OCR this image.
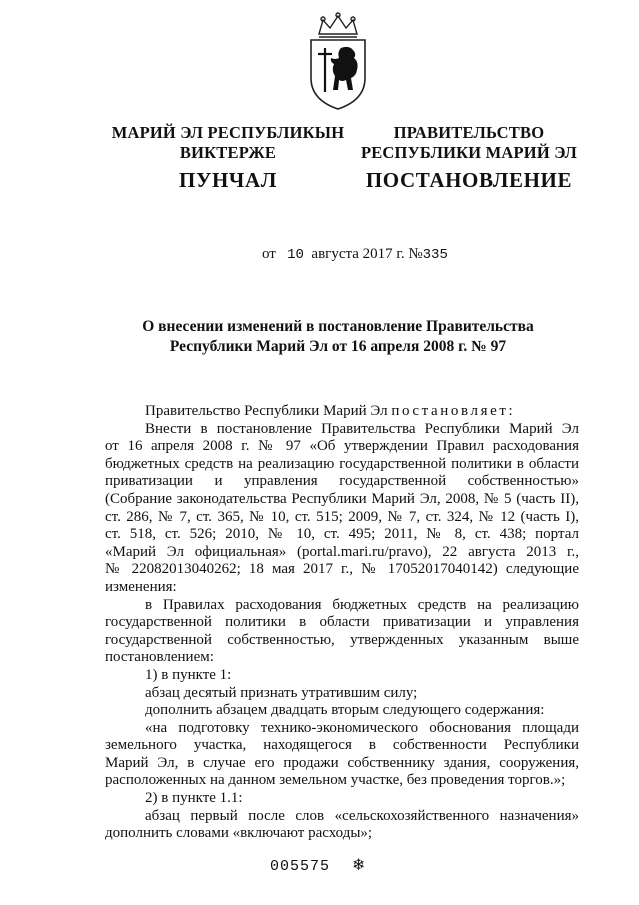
МАРИЙ ЭЛ РЕСПУБЛИКЫН
ВИКТЕРЖЕ
ПРАВИТЕЛЬСТВО
РЕСПУБЛИКИ МАРИЙ ЭЛ
ПУНЧАЛ	ПОСТАНОВЛЕНИЕ
от 10 августа 2017 г. №335
О внесении изменений в постановление Правительства
Республики Марий Эл от 16 апреля 2008 г. № 97
Правительство Республики Марий Эл постановляет:
Внести в постановление Правительства Республики Марий Эл
от 16 апреля 2008 г. № 97 «Об утверждении Правил расходования
бюджетных средств на реализацию государственной политики в области
приватизации и управления государственной собственностью»
(Собрание законодательства Республики Марий Эл, 2008, № 5 (часть II),
ст. 286, № 7, ст. 365, № 10, ст. 515; 2009, № 7, ст. 324, № 12 (часть I),
ст. 518, ст. 526; 2010, № 10, ст. 495; 2011, № 8, ст. 438; портал
«Марий Эл официальная» (portal.mari.ru/pravo), 22 августа 2013 г.,
№ 22082013040262; 18 мая 2017 г., № 17052017040142) следующие
изменения:
в Правилах расходования бюджетных средств на реализацию
государственной политики в области приватизации и управления
государственной собственностью, утвержденных указанным выше
постановлением:
1) в пункте 1:
абзац десятый признать утратившим силу;
дополнить абзацем двадцать вторым следующего содержания:
«на подготовку технико-экономического обоснования площади
земельного участка, находящегося в собственности Республики
Марий Эл, в случае его продажи собственнику здания, сооружения,
расположенных на данном земельном участке, без проведения торгов.»;
2) в пункте 1.1:
абзац первый после слов «сельскохозяйственного назначения»
дополнить словами «включают расходы»;
005575 ❄
